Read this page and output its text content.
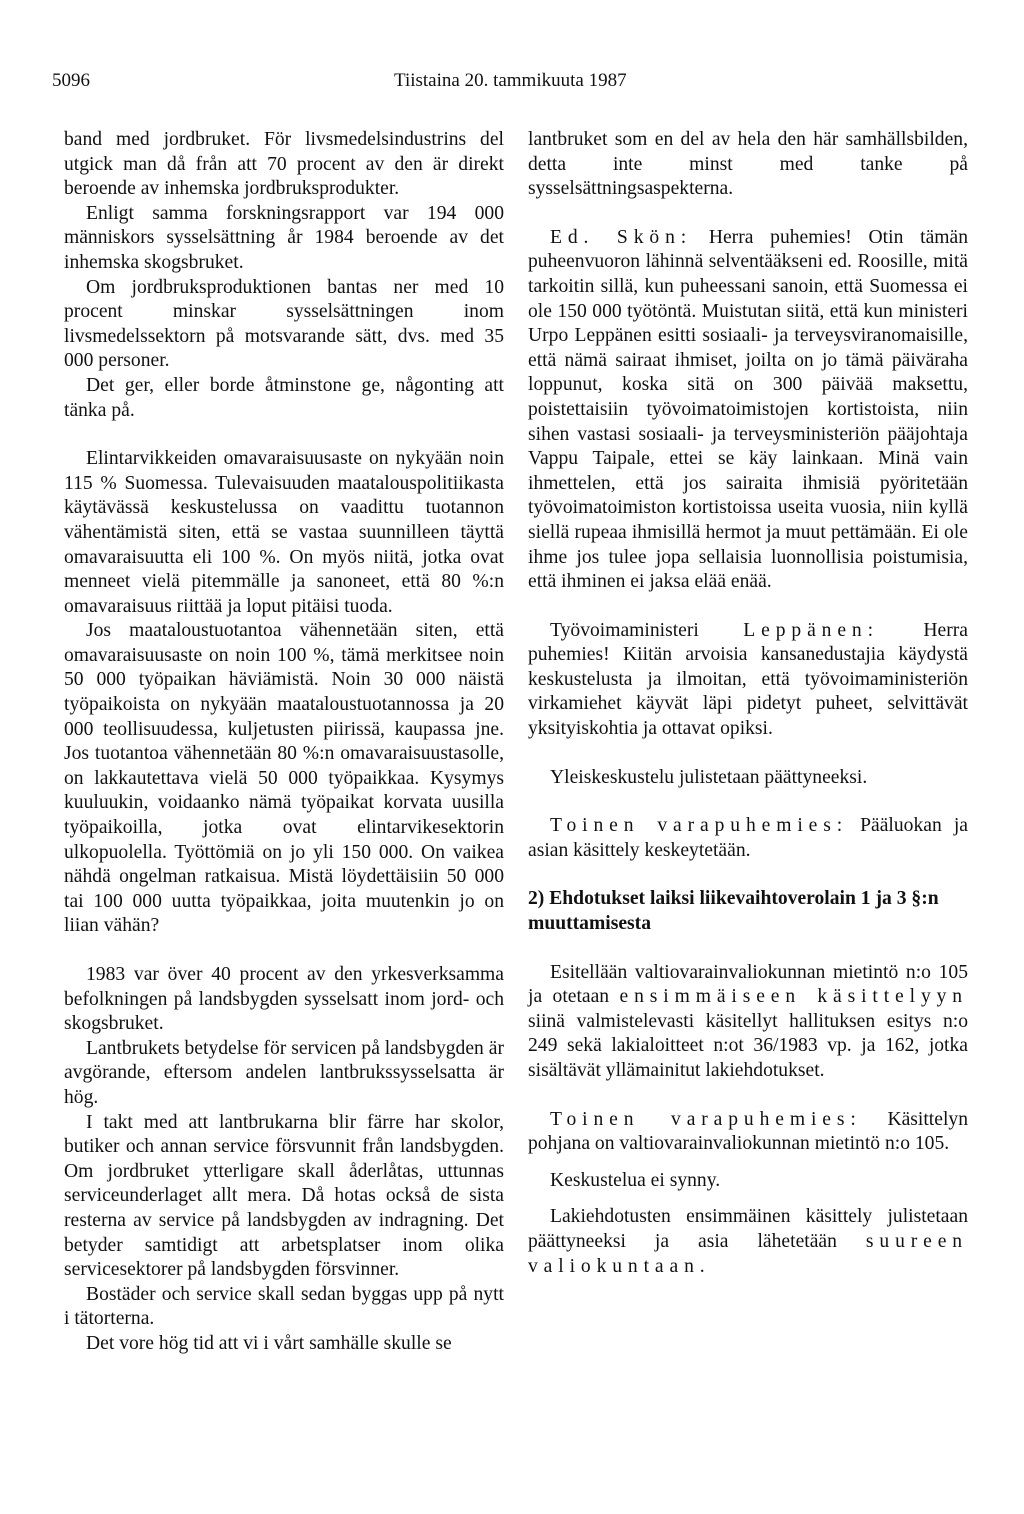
5096	Tiistaina 20. tammikuuta 1987

band med jordbruket. För livsmedelsindustrins del utgick man då från att 70 procent av den är direkt beroende av inhemska jordbruksprodukter.

Enligt samma forskningsrapport var 194 000 människors sysselsättning år 1984 beroende av det inhemska skogsbruket.

Om jordbruksproduktionen bantas ner med 10 procent minskar sysselsättningen inom livsmedelssektorn på motsvarande sätt, dvs. med 35 000 personer.

Det ger, eller borde åtminstone ge, någonting att tänka på.

Elintarvikkeiden omavaraisuusaste on nykyään noin 115 % Suomessa. Tulevaisuuden maatalouspolitiikasta käytävässä keskustelussa on vaadittu tuotannon vähentämistä siten, että se vastaa suunnilleen täyttä omavaraisuutta eli 100 %. On myös niitä, jotka ovat menneet vielä pitemmälle ja sanoneet, että 80 %:n omavaraisuus riittää ja loput pitäisi tuoda.

Jos maataloustuotantoa vähennetään siten, että omavaraisuusaste on noin 100 %, tämä merkitsee noin 50 000 työpaikan häviämistä. Noin 30 000 näistä työpaikoista on nykyään maataloustuotannossa ja 20 000 teollisuudessa, kuljetusten piirissä, kaupassa jne. Jos tuotantoa vähennetään 80 %:n omavaraisuustasolle, on lakkautettava vielä 50 000 työpaikkaa. Kysymys kuuluukin, voidaanko nämä työpaikat korvata uusilla työpaikoilla, jotka ovat elintarvikesektorin ulkopuolella. Työttömiä on jo yli 150 000. On vaikea nähdä ongelman ratkaisua. Mistä löydettäisiin 50 000 tai 100 000 uutta työpaikkaa, joita muutenkin jo on liian vähän?

1983 var över 40 procent av den yrkesverksamma befolkningen på landsbygden sysselsatt inom jord- och skogsbruket.

Lantbrukets betydelse för servicen på landsbygden är avgörande, eftersom andelen lantbrukssysselsatta är hög.

I takt med att lantbrukarna blir färre har skolor, butiker och annan service försvunnit från landsbygden. Om jordbruket ytterligare skall åderlåtas, uttunnas serviceunderlaget allt mera. Då hotas också de sista resterna av service på landsbygden av indragning. Det betyder samtidigt att arbetsplatser inom olika servicesektorer på landsbygden försvinner.

Bostäder och service skall sedan byggas upp på nytt i tätorterna.

Det vore hög tid att vi i vårt samhälle skulle se

lantbruket som en del av hela den här samhällsbilden, detta inte minst med tanke på sysselsättningsaspekterna.

Ed. Skön: Herra puhemies! Otin tämän puheenvuoron lähinnä selventääkseni ed. Roosille, mitä tarkoitin sillä, kun puheessani sanoin, että Suomessa ei ole 150 000 työtöntä. Muistutan siitä, että kun ministeri Urpo Leppänen esitti sosiaali- ja terveysviranomaisille, että nämä sairaat ihmiset, joilta on jo tämä päiväraha loppunut, koska sitä on 300 päivää maksettu, poistettaisiin työvoimatoimistojen kortistoista, niin sihen vastasi sosiaali- ja terveysministeriön pääjohtaja Vappu Taipale, ettei se käy lainkaan. Minä vain ihmettelen, että jos sairaita ihmisiä pyöritetään työvoimatoimiston kortistoissa useita vuosia, niin kyllä siellä rupeaa ihmisillä hermot ja muut pettämään. Ei ole ihme jos tulee jopa sellaisia luonnollisia poistumisia, että ihminen ei jaksa elää enää.

Työvoimaministeri Leppänen: Herra puhemies! Kiitän arvoisia kansanedustajia käydystä keskustelusta ja ilmoitan, että työvoimaministeriön virkamiehet käyvät läpi pidetyt puheet, selvittävät yksityiskohtia ja ottavat opiksi.

Yleiskeskustelu julistetaan päättyneeksi.

Toinen varapuhemies: Pääluokan ja asian käsittely keskeytetään.

2) Ehdotukset laiksi liikevaihtoverolain 1 ja 3 §:n muuttamisesta

Esitellään valtiovarainvaliokunnan mietintö n:o 105 ja otetaan ensimmäiseen käsittelyyn siinä valmistelevasti käsitellyt hallituksen esitys n:o 249 sekä lakialoitteet n:ot 36/1983 vp. ja 162, jotka sisältävät yllämainitut lakiehdotukset.

Toinen varapuhemies: Käsittelyn pohjana on valtiovarainvaliokunnan mietintö n:o 105.

Keskustelua ei synny.

Lakiehdotusten ensimmäinen käsittely julistetaan päättyneeksi ja asia lähetetään suureen valiokuntaan.
